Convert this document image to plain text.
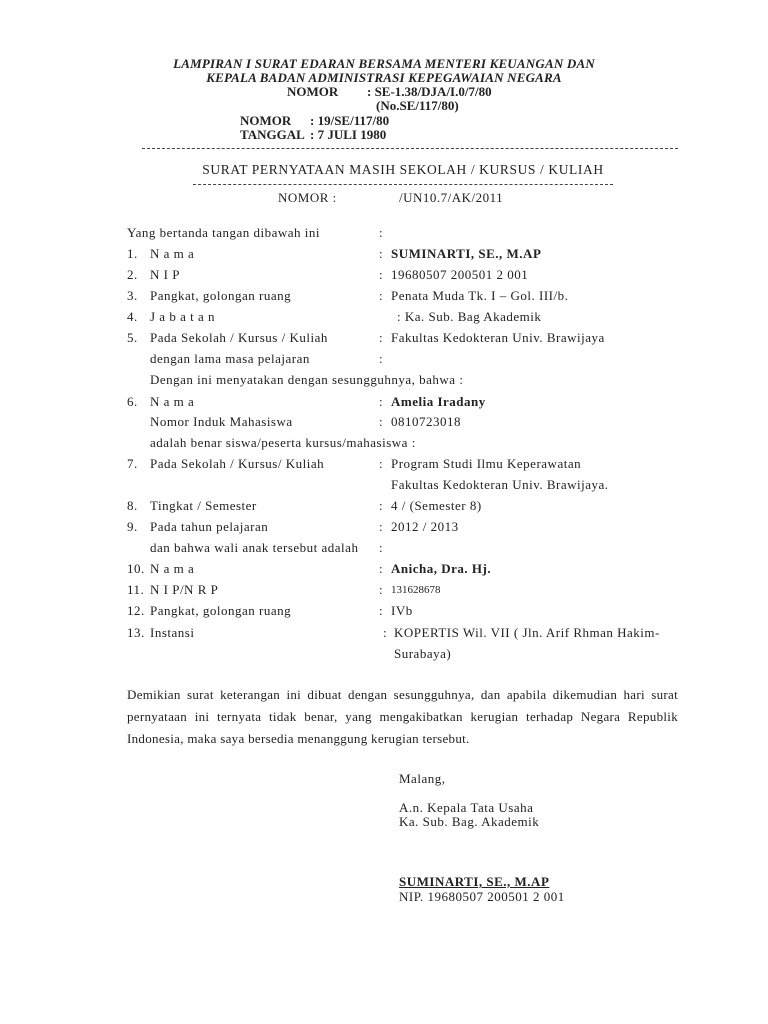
LAMPIRAN I SURAT EDARAN BERSAMA MENTERI KEUANGAN DAN
KEPALA BADAN ADMINISTRASI KEPEGAWAIAN NEGARA
NOMOR : SE-1.38/DJA/I.0/7/80
(No.SE/117/80)
NOMOR : 19/SE/117/80
TANGGAL : 7 JULI 1980
SURAT PERNYATAAN MASIH SEKOLAH / KURSUS / KULIAH
NOMOR :	/UN10.7/AK/2011
Yang bertanda tangan dibawah ini	:
1. N a m a	: SUMINARTI, SE., M.AP
2. N I P	: 19680507 200501 2 001
3. Pangkat, golongan ruang	: Penata Muda Tk. I – Gol. III/b.
4. J a b a t a n	: Ka. Sub. Bag Akademik
5. Pada Sekolah / Kursus / Kuliah	: Fakultas Kedokteran Univ. Brawijaya
dengan lama masa pelajaran	:
Dengan ini menyatakan dengan sesungguhnya, bahwa :
6. N a m a	: Amelia Iradany
Nomor Induk Mahasiswa	: 0810723018
adalah benar siswa/peserta kursus/mahasiswa :
7. Pada Sekolah / Kursus/ Kuliah	: Program Studi Ilmu Keperawatan
Fakultas Kedokteran Univ. Brawijaya.
8. Tingkat / Semester	: 4 / (Semester 8)
9. Pada tahun pelajaran	: 2012 / 2013
dan bahwa wali anak tersebut adalah :
10. N a m a	: Anicha, Dra. Hj.
11. N I P/N R P	: 131628678
12. Pangkat, golongan ruang	: IVb
13. Instansi	: KOPERTIS Wil. VII ( Jln. Arif Rhman Hakim-
Surabaya)
Demikian surat keterangan ini dibuat dengan sesungguhnya, dan apabila dikemudian hari surat pernyataan ini ternyata tidak benar, yang mengakibatkan kerugian terhadap Negara Republik Indonesia, maka saya bersedia menanggung kerugian tersebut.
Malang,
A.n. Kepala Tata Usaha
Ka. Sub. Bag. Akademik
SUMINARTI, SE., M.AP
NIP. 19680507 200501 2 001
